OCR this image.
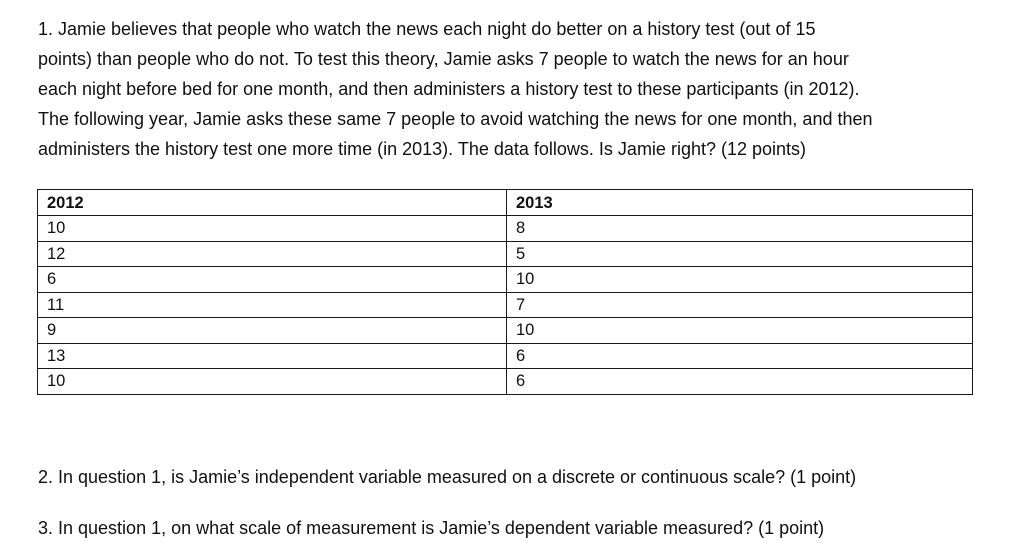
1. Jamie believes that people who watch the news each night do better on a history test (out of 15
points) than people who do not. To test this theory, Jamie asks 7 people to watch the news for an hour
each night before bed for one month, and then administers a history test to these participants (in 2012).
The following year, Jamie asks these same 7 people to avoid watching the news for one month, and then
administers the history test one more time (in 2013). The data follows. Is Jamie right? (12 points)
2012	2013
10	8
12	5
6	10
11	7
9	10
13	6
10	6
2. In question 1, is Jamie’s independent variable measured on a discrete or continuous scale? (1 point)
3. In question 1, on what scale of measurement is Jamie’s dependent variable measured? (1 point)
